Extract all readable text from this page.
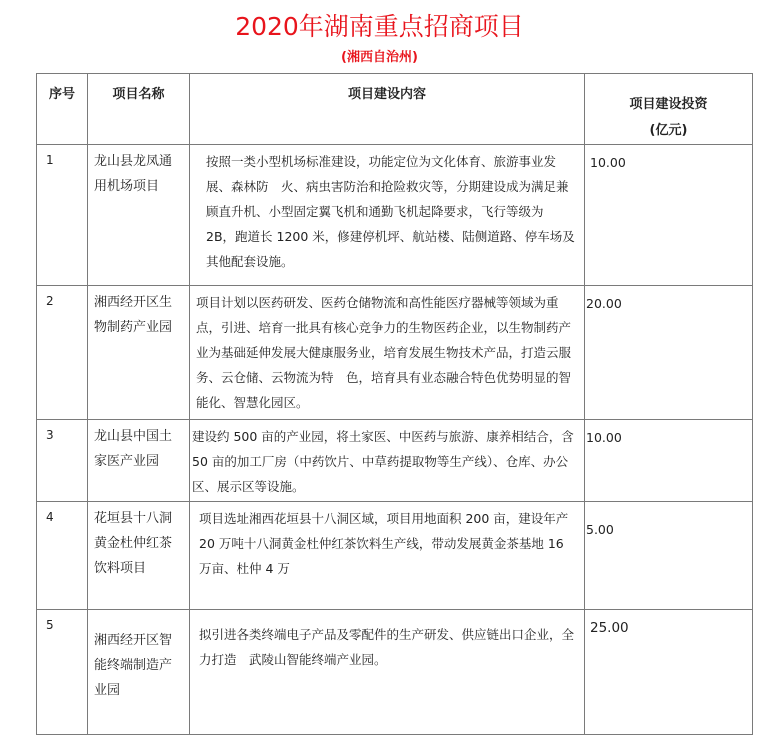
2020年湖南重点招商项目
(湘西自治州)
序号	项目名称	项目建设内容	项目建设投资
(亿元)

1	龙山县龙凤通用机场项目	按照一类小型机场标准建设，功能定位为文化体育、旅游事业发展、森林防　火、病虫害防治和抢险救灾等，分期建设成为满足兼顾直升机、小型固定翼飞机和通勤飞机起降要求，飞行等级为 2B，跑道长 1200 米，修建停机坪、航站楼、陆侧道路、停车场及其他配套设施。	10.00
2	湘西经开区生物制药产业园	项目计划以医药研发、医药仓储物流和高性能医疗器械等领域为重点，引进、培育一批具有核心竞争力的生物医药企业，以生物制药产业为基础延伸发展大健康服务业，培育发展生物技术产品，打造云服务、云仓储、云物流为特　色，培育具有业态融合特色优势明显的智能化、智慧化园区。	20.00
3	龙山县中国土家医产业园	建设约 500 亩的产业园，将土家医、中医药与旅游、康养相结合，含 50 亩的加工厂房（中药饮片、中草药提取物等生产线）、仓库、办公区、展示区等设施。	10.00
4	花垣县十八洞黄金杜仲红茶饮料项目	项目选址湘西花垣县十八洞区域，项目用地面积 200 亩，建设年产 20 万吨十八洞黄金杜仲红茶饮料生产线，带动发展黄金茶基地 16 万亩、杜仲 4 万	5.00
5	湘西经开区智能终端制造产业园	拟引进各类终端电子产品及零配件的生产研发、供应链出口企业，全力打造　武陵山智能终端产业园。	25.00
